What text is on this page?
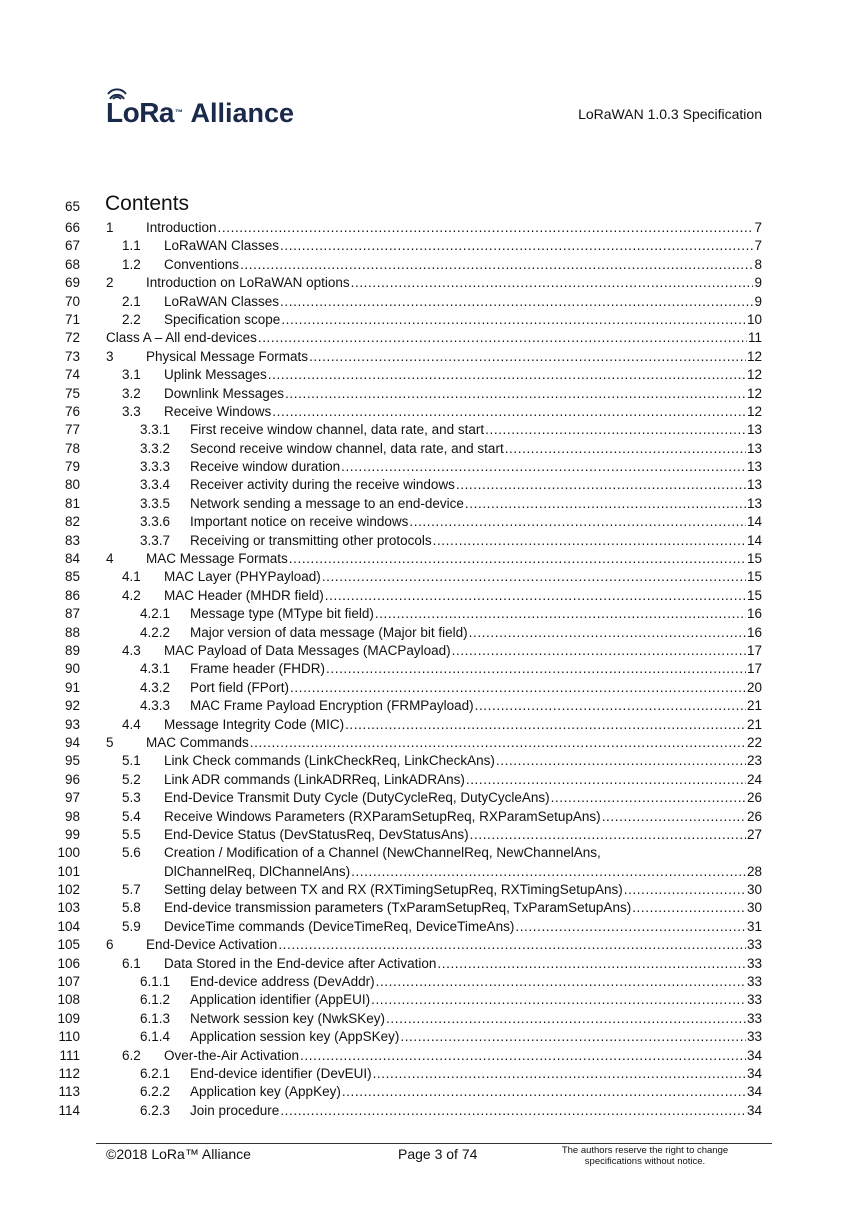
LoRa™ Alliance	LoRaWAN 1.0.3 Specification
65 Contents
66 1	Introduction .....	7
67	1.1	LoRaWAN Classes .....	7
68	1.2	Conventions .....	8
69 2	Introduction on LoRaWAN options .....	9
70	2.1	LoRaWAN Classes .....	9
71	2.2	Specification scope .....	10
72 Class A – All end-devices .....	11
73 3	Physical Message Formats .....	12
74	3.1	Uplink Messages .....	12
75	3.2	Downlink Messages .....	12
76	3.3	Receive Windows .....	12
77	3.3.1	First receive window channel, data rate, and start .....	13
78	3.3.2	Second receive window channel, data rate, and start .....	13
79	3.3.3	Receive window duration .....	13
80	3.3.4	Receiver activity during the receive windows .....	13
81	3.3.5	Network sending a message to an end-device .....	13
82	3.3.6	Important notice on receive windows .....	14
83	3.3.7	Receiving or transmitting other protocols .....	14
84 4	MAC Message Formats .....	15
85	4.1	MAC Layer (PHYPayload) .....	15
86	4.2	MAC Header (MHDR field) .....	15
87	4.2.1	Message type (MType bit field) .....	16
88	4.2.2	Major version of data message (Major bit field) .....	16
89	4.3	MAC Payload of Data Messages (MACPayload) .....	17
90	4.3.1	Frame header (FHDR) .....	17
91	4.3.2	Port field (FPort) .....	20
92	4.3.3	MAC Frame Payload Encryption (FRMPayload) .....	21
93	4.4	Message Integrity Code (MIC) .....	21
94 5	MAC Commands .....	22
95	5.1	Link Check commands (LinkCheckReq, LinkCheckAns) .....	23
96	5.2	Link ADR commands (LinkADRReq, LinkADRAns) .....	24
97	5.3	End-Device Transmit Duty Cycle (DutyCycleReq, DutyCycleAns) .....	26
98	5.4	Receive Windows Parameters (RXParamSetupReq, RXParamSetupAns) .....	26
99	5.5	End-Device Status (DevStatusReq, DevStatusAns) .....	27
100	5.6	Creation / Modification of a Channel (NewChannelReq, NewChannelAns,
101	DlChannelReq, DlChannelAns) .....	28
102	5.7	Setting delay between TX and RX (RXTimingSetupReq, RXTimingSetupAns) .....	30
103	5.8	End-device transmission parameters (TxParamSetupReq, TxParamSetupAns) .....	30
104	5.9	DeviceTime commands (DeviceTimeReq, DeviceTimeAns) .....	31
105 6	End-Device Activation .....	33
106	6.1	Data Stored in the End-device after Activation .....	33
107	6.1.1	End-device address (DevAddr) .....	33
108	6.1.2	Application identifier (AppEUI) .....	33
109	6.1.3	Network session key (NwkSKey) .....	33
110	6.1.4	Application session key (AppSKey) .....	33
111	6.2	Over-the-Air Activation .....	34
112	6.2.1	End-device identifier (DevEUI) .....	34
113	6.2.2	Application key (AppKey) .....	34
114	6.2.3	Join procedure .....	34
©2018 LoRa™ Alliance	Page 3 of 74	The authors reserve the right to change specifications without notice.
